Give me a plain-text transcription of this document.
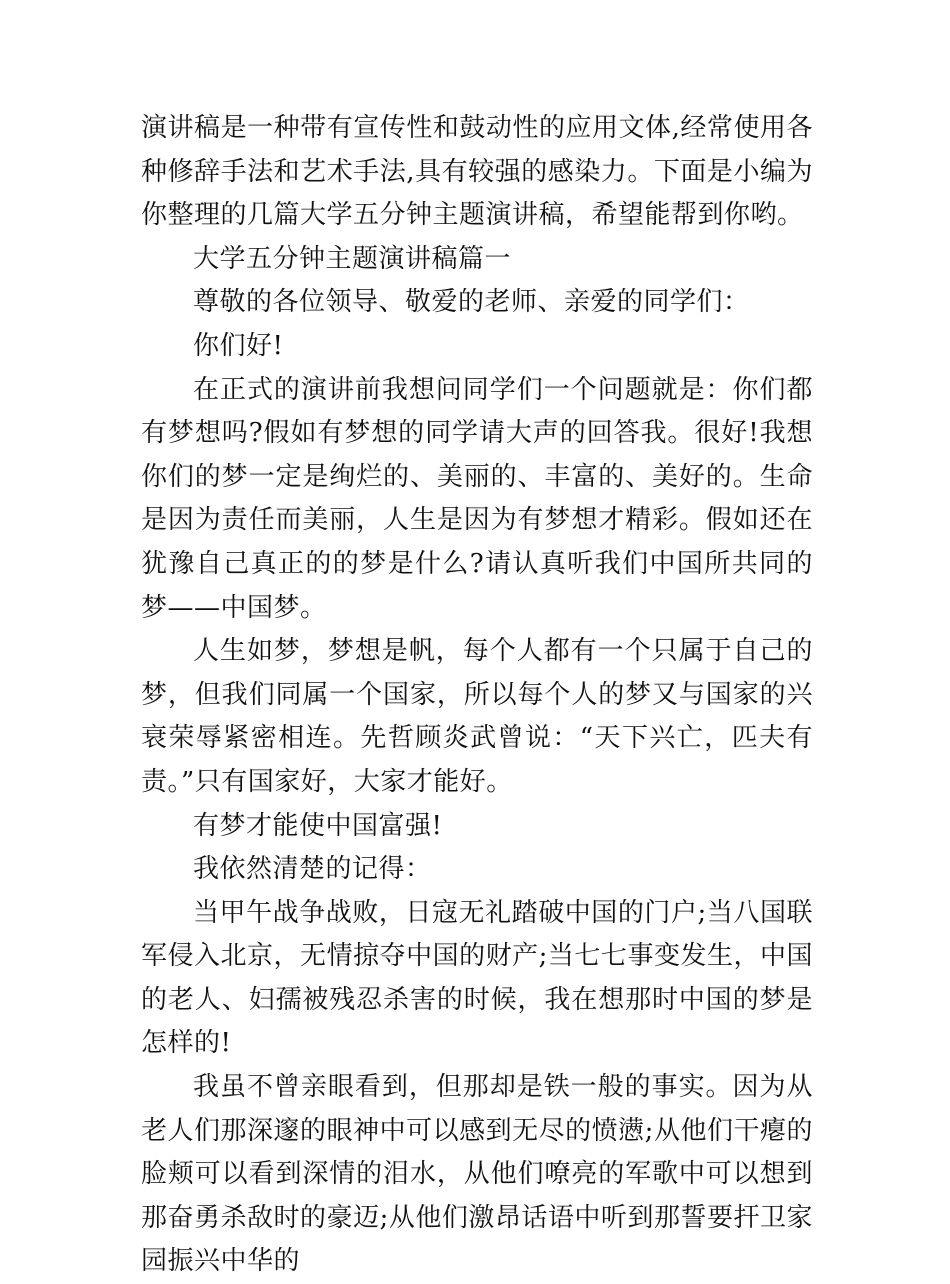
演讲稿是一种带有宣传性和鼓动性的应用文体,经常使用各种修辞手法和艺术手法,具有较强的感染力。下面是小编为你整理的几篇大学五分钟主题演讲稿，希望能帮到你哟。

大学五分钟主题演讲稿篇一

尊敬的各位领导、敬爱的老师、亲爱的同学们：

你们好!

在正式的演讲前我想问同学们一个问题就是：你们都有梦想吗?假如有梦想的同学请大声的回答我。很好!我想你们的梦一定是绚烂的、美丽的、丰富的、美好的。生命是因为责任而美丽，人生是因为有梦想才精彩。假如还在犹豫自己真正的的梦是什么?请认真听我们中国所共同的梦——中国梦。

人生如梦，梦想是帆，每个人都有一个只属于自己的梦，但我们同属一个国家，所以每个人的梦又与国家的兴衰荣辱紧密相连。先哲顾炎武曾说：“天下兴亡，匹夫有责。”只有国家好，大家才能好。

有梦才能使中国富强!

我依然清楚的记得：

当甲午战争战败，日寇无礼踏破中国的门户;当八国联军侵入北京，无情掠夺中国的财产;当七七事变发生，中国的老人、妇孺被残忍杀害的时候，我在想那时中国的梦是怎样的!

我虽不曾亲眼看到，但那却是铁一般的事实。因为从老人们那深邃的眼神中可以感到无尽的愤懑;从他们干瘪的脸颊可以看到深情的泪水，从他们嘹亮的军歌中可以想到那奋勇杀敌时的豪迈;从他们激昂话语中听到那誓要扞卫家园振兴中华的
